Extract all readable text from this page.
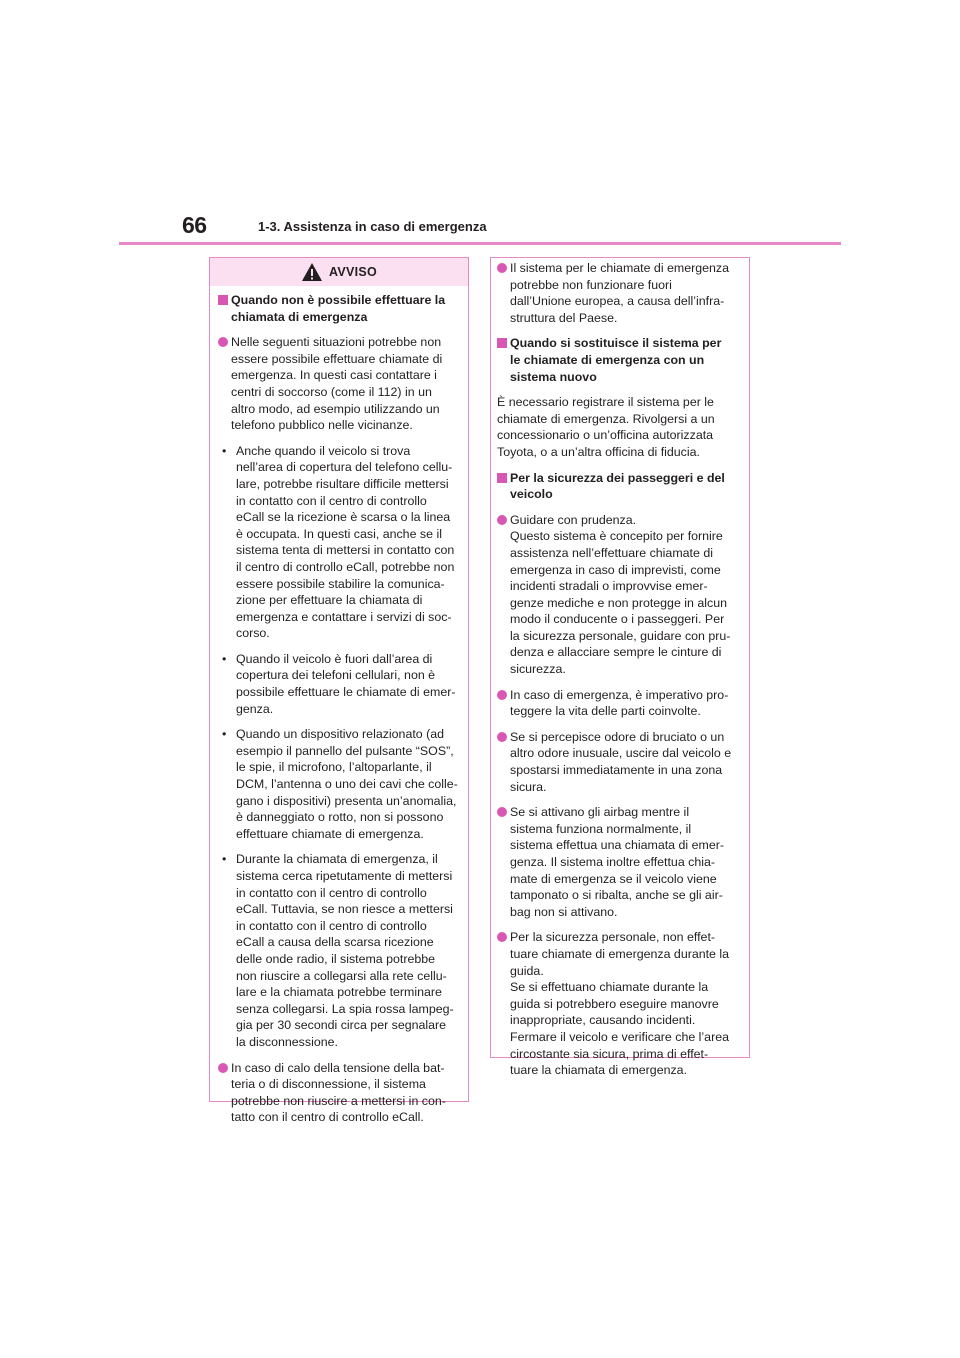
66	1-3. Assistenza in caso di emergenza
AVVISO
Quando non è possibile effettuare la
chiamata di emergenza
Nelle seguenti situazioni potrebbe non
essere possibile effettuare chiamate di
emergenza. In questi casi contattare i
centri di soccorso (come il 112) in un
altro modo, ad esempio utilizzando un
telefono pubblico nelle vicinanze.
• Anche quando il veicolo si trova
nell’area di copertura del telefono cellu-
lare, potrebbe risultare difficile mettersi
in contatto con il centro di controllo
eCall se la ricezione è scarsa o la linea
è occupata. In questi casi, anche se il
sistema tenta di mettersi in contatto con
il centro di controllo eCall, potrebbe non
essere possibile stabilire la comunica-
zione per effettuare la chiamata di
emergenza e contattare i servizi di soc-
corso.
• Quando il veicolo è fuori dall’area di
copertura dei telefoni cellulari, non è
possibile effettuare le chiamate di emer-
genza.
• Quando un dispositivo relazionato (ad
esempio il pannello del pulsante “SOS”,
le spie, il microfono, l’altoparlante, il
DCM, l’antenna o uno dei cavi che colle-
gano i dispositivi) presenta un’anomalia,
è danneggiato o rotto, non si possono
effettuare chiamate di emergenza.
• Durante la chiamata di emergenza, il
sistema cerca ripetutamente di mettersi
in contatto con il centro di controllo
eCall. Tuttavia, se non riesce a mettersi
in contatto con il centro di controllo
eCall a causa della scarsa ricezione
delle onde radio, il sistema potrebbe
non riuscire a collegarsi alla rete cellu-
lare e la chiamata potrebbe terminare
senza collegarsi. La spia rossa lampeg-
gia per 30 secondi circa per segnalare
la disconnessione.
In caso di calo della tensione della bat-
teria o di disconnessione, il sistema
potrebbe non riuscire a mettersi in con-
tatto con il centro di controllo eCall.
Il sistema per le chiamate di emergenza
potrebbe non funzionare fuori
dall’Unione europea, a causa dell’infra-
struttura del Paese.
Quando si sostituisce il sistema per
le chiamate di emergenza con un
sistema nuovo
È necessario registrare il sistema per le
chiamate di emergenza. Rivolgersi a un
concessionario o un’officina autorizzata
Toyota, o a un’altra officina di fiducia.
Per la sicurezza dei passeggeri e del
veicolo
Guidare con prudenza.
Questo sistema è concepito per fornire
assistenza nell’effettuare chiamate di
emergenza in caso di imprevisti, come
incidenti stradali o improvvise emer-
genze mediche e non protegge in alcun
modo il conducente o i passeggeri. Per
la sicurezza personale, guidare con pru-
denza e allacciare sempre le cinture di
sicurezza.
In caso di emergenza, è imperativo pro-
teggere la vita delle parti coinvolte.
Se si percepisce odore di bruciato o un
altro odore inusuale, uscire dal veicolo e
spostarsi immediatamente in una zona
sicura.
Se si attivano gli airbag mentre il
sistema funziona normalmente, il
sistema effettua una chiamata di emer-
genza. Il sistema inoltre effettua chia-
mate di emergenza se il veicolo viene
tamponato o si ribalta, anche se gli air-
bag non si attivano.
Per la sicurezza personale, non effet-
tuare chiamate di emergenza durante la
guida.
Se si effettuano chiamate durante la
guida si potrebbero eseguire manovre
inappropriate, causando incidenti.
Fermare il veicolo e verificare che l’area
circostante sia sicura, prima di effet-
tuare la chiamata di emergenza.
